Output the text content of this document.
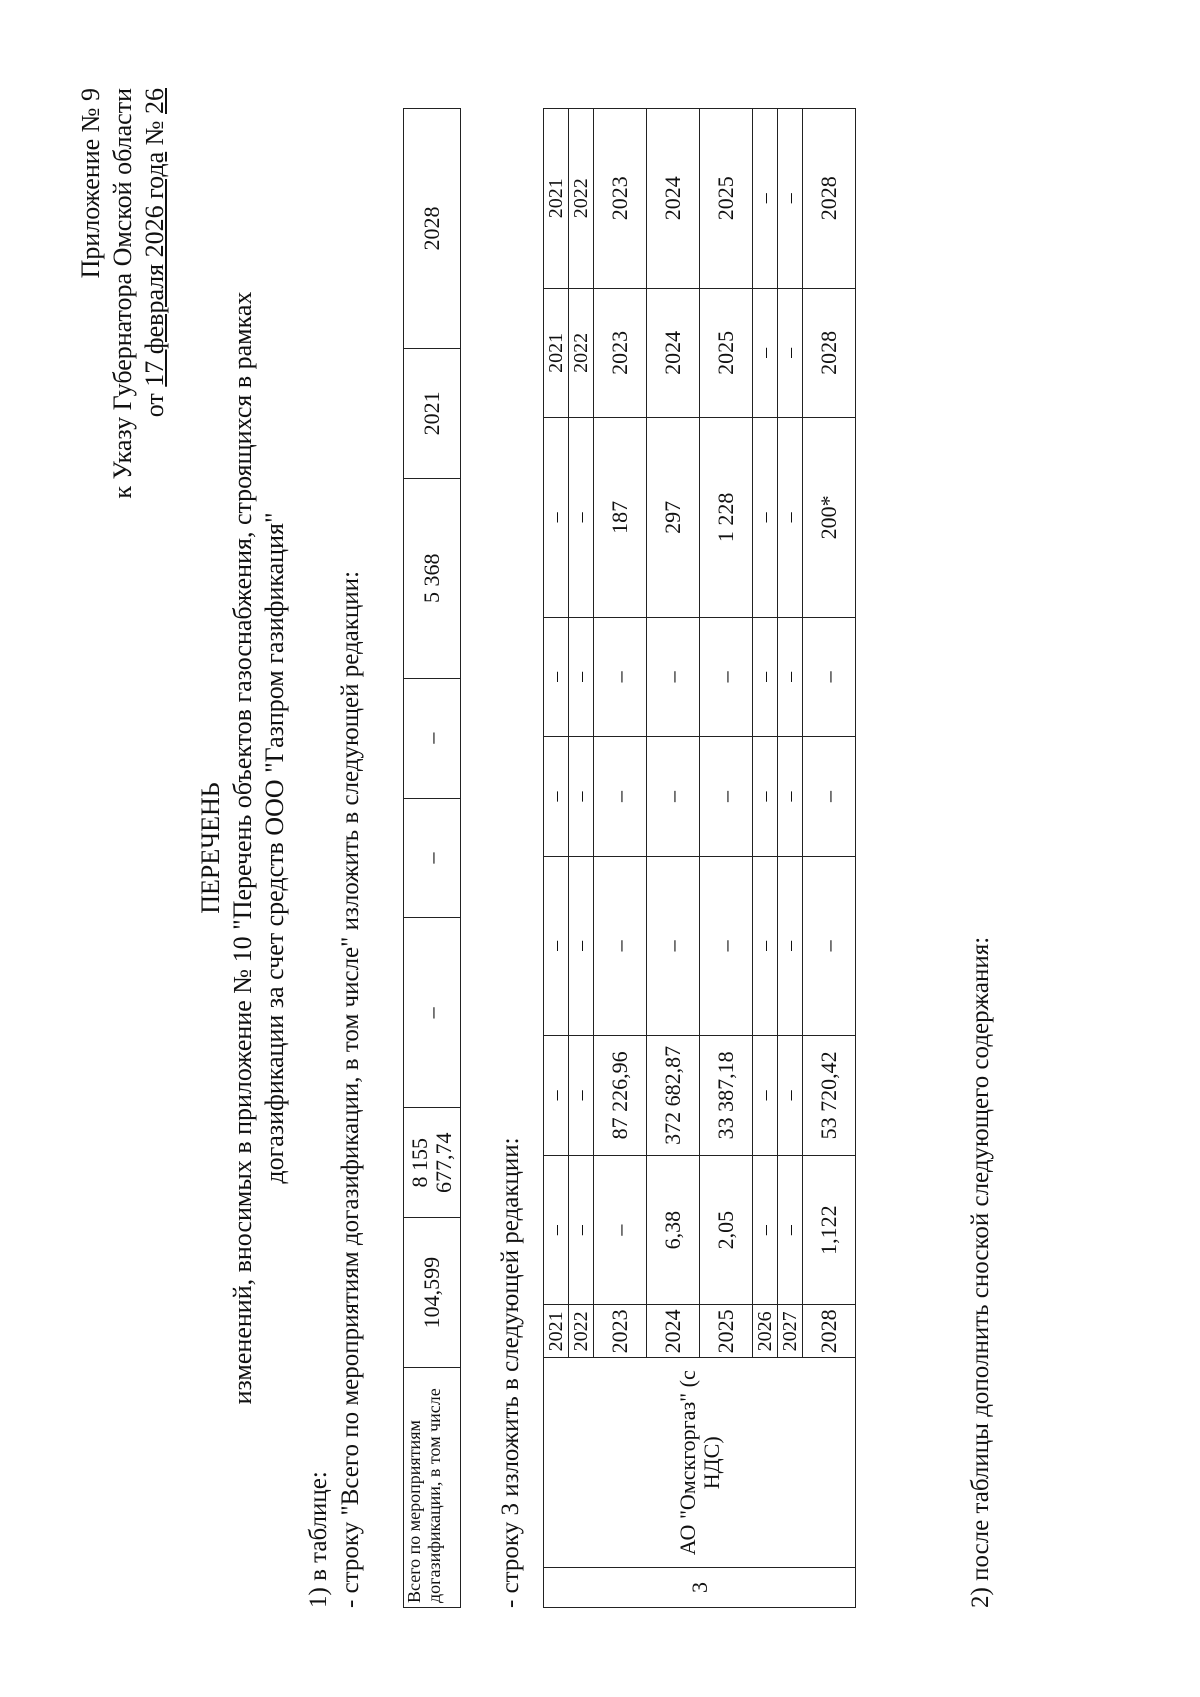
Приложение № 9 к Указу Губернатора Омской области от 17 февраля 2026 года № 26
ПЕРЕЧЕНЬ изменений, вносимых в приложение № 10 "Перечень объектов газоснабжения, строящихся в рамках догазификации за счет средств ООО "Газпром газификация"
1) в таблице: - строку "Всего по мероприятиям догазификации, в том числе" изложить в следующей редакции: Всего по мероприятиям догазификации, в том числе	104,599	8 155 677,74	–	–	–	5 368	2021	2028
- строку 3 изложить в следующей редакции:	3	АО "Омскгоргаз" (с НДС)	2021	–	–	–	–	–	–	2021	2021
		2022	–	–	–	–	–	–	2022	2022
		2023	–	87 226,96	–	–	–	187	2023	2023
		2024	6,38	372 682,87	–	–	–	297	2024	2024
		2025	2,05	33 387,18	–	–	–	1 228	2025	2025
		2026	–	–	–	–	–	–	–	–
		2027	–	–	–	–	–	–	–	–
		2028	1,122	53 720,42	–	–	–	200*	2028	2028
2) после таблицы дополнить сноской следующего содержания:
